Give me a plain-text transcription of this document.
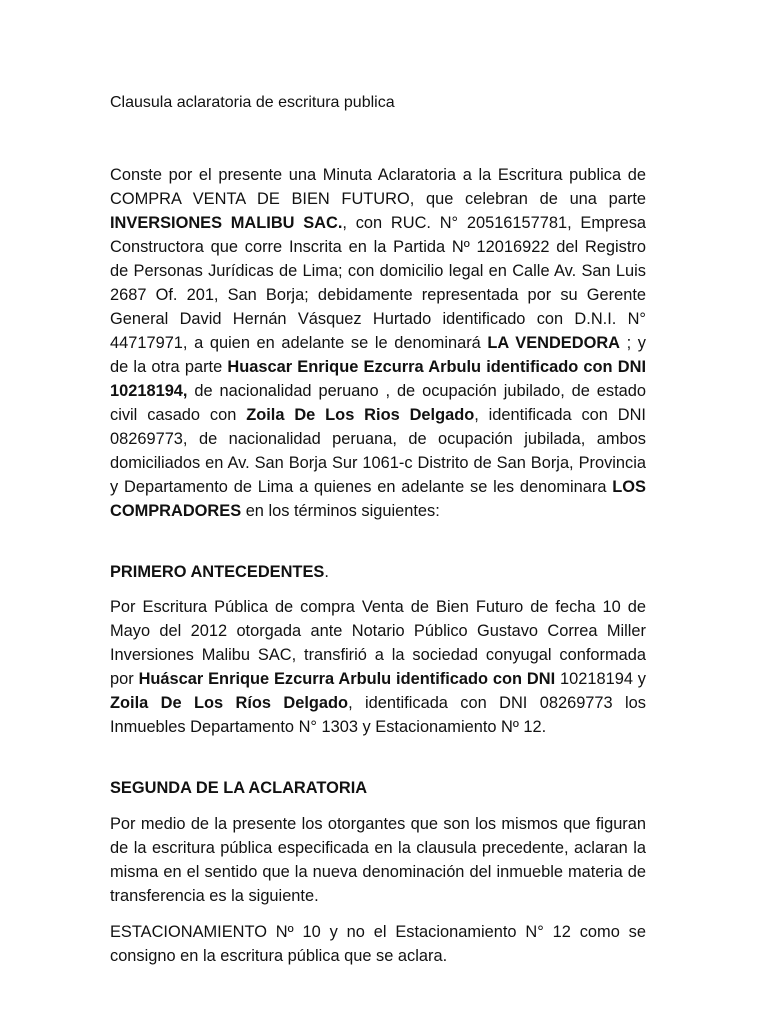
Clausula aclaratoria de escritura publica
Conste por el presente una Minuta Aclaratoria a la Escritura publica de COMPRA VENTA DE BIEN FUTURO, que celebran de una parte INVERSIONES MALIBU SAC., con RUC. N° 20516157781, Empresa Constructora que corre Inscrita en la Partida Nº 12016922 del Registro de Personas Jurídicas de Lima; con domicilio legal en Calle Av. San Luis 2687 Of. 201, San Borja; debidamente representada por su Gerente General David Hernán Vásquez Hurtado identificado con D.N.I. N° 44717971, a quien en adelante se le denominará LA VENDEDORA ; y de la otra parte Huascar Enrique Ezcurra Arbulu identificado con DNI 10218194, de nacionalidad peruano , de ocupación jubilado, de estado civil casado con Zoila De Los Rios Delgado, identificada con DNI 08269773, de nacionalidad peruana, de ocupación jubilada, ambos domiciliados en Av. San Borja Sur 1061-c Distrito de San Borja, Provincia y Departamento de Lima a quienes en adelante se les denominara LOS COMPRADORES en los términos siguientes:
PRIMERO ANTECEDENTES.
Por Escritura Pública de compra Venta de Bien Futuro de fecha 10 de Mayo del 2012 otorgada ante Notario Público Gustavo Correa Miller Inversiones Malibu SAC, transfirió a la sociedad conyugal conformada por Huáscar Enrique Ezcurra Arbulu identificado con DNI 10218194 y Zoila De Los Ríos Delgado, identificada con DNI 08269773 los Inmuebles Departamento N° 1303 y Estacionamiento Nº 12.
SEGUNDA DE LA ACLARATORIA
Por medio de la presente los otorgantes que son los mismos que figuran de la escritura pública especificada en la clausula precedente, aclaran la misma en el sentido que la nueva denominación del inmueble materia de transferencia es la siguiente.
ESTACIONAMIENTO Nº 10 y no el Estacionamiento N° 12 como se consigno en la escritura pública que se aclara.
